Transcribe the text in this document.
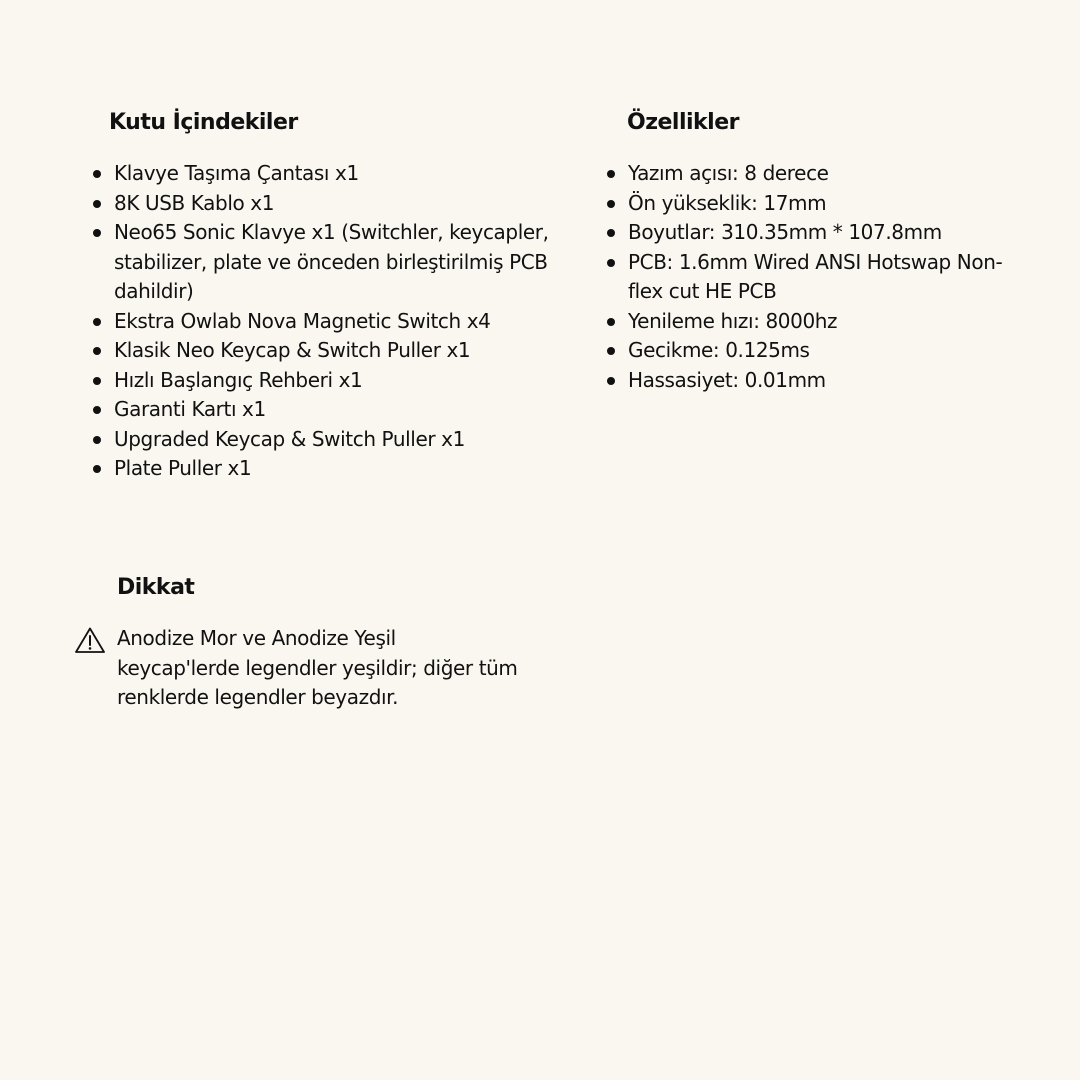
Kutu İçindekiler
Klavye Taşıma Çantası x1
8K USB Kablo x1
Neo65 Sonic Klavye x1 (Switchler, keycapler, stabilizer, plate ve önceden birleştirilmiş PCB dahildir)
Ekstra Owlab Nova Magnetic Switch x4
Klasik Neo Keycap & Switch Puller x1
Hızlı Başlangıç Rehberi x1
Garanti Kartı x1
Upgraded Keycap & Switch Puller x1
Plate Puller x1
Özellikler
Yazım açısı: 8 derece
Ön yükseklik: 17mm
Boyutlar: 310.35mm * 107.8mm
PCB: 1.6mm Wired ANSI Hotswap Non-flex cut HE PCB
Yenileme hızı: 8000hz
Gecikme: 0.125ms
Hassasiyet: 0.01mm
Dikkat
Anodize Mor ve Anodize Yeşil
keycap'lerde legendler yeşildir; diğer tüm
renklerde legendler beyazdır.
